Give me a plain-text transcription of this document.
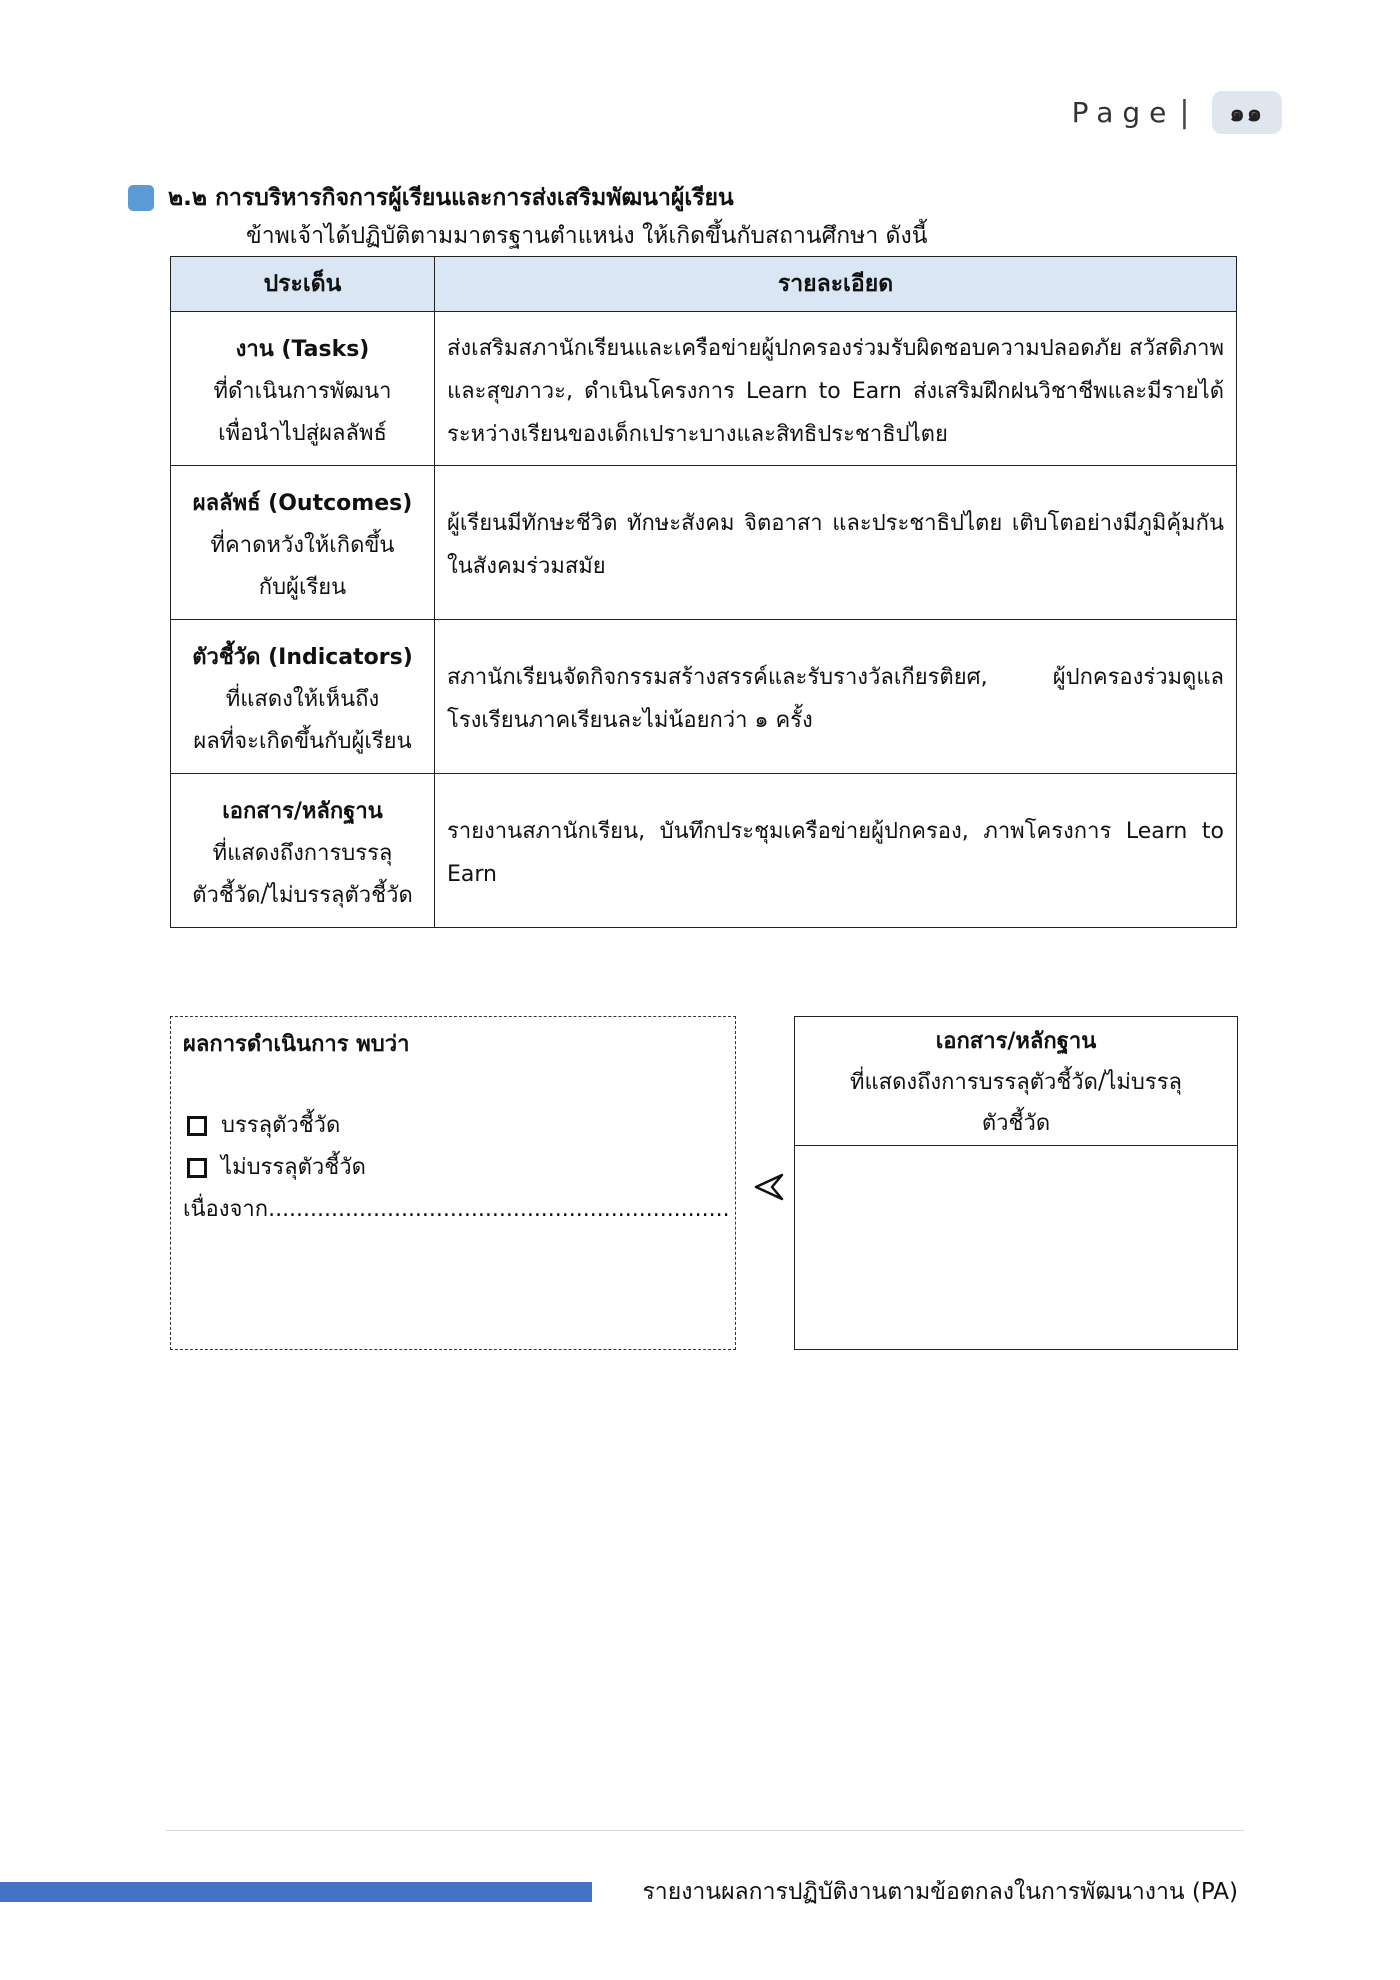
Page |	๑๑
๒.๒ การบริหารกิจการผู้เรียนและการส่งเสริมพัฒนาผู้เรียน
ข้าพเจ้าได้ปฏิบัติตามมาตรฐานตำแหน่ง ให้เกิดขึ้นกับสถานศึกษา ดังนี้
ประเด็น	รายละเอียด

งาน (Tasks)
ที่ดำเนินการพัฒนา
เพื่อนำไปสู่ผลลัพธ์	ส่งเสริมสภานักเรียนและเครือข่ายผู้ปกครองร่วมรับผิดชอบความปลอดภัย สวัสดิภาพ และสุขภาวะ, ดำเนินโครงการ Learn to Earn ส่งเสริมฝึกฝนวิชาชีพและมีรายได้ระหว่างเรียนของเด็กเปราะบางและสิทธิประชาธิปไตย

ผลลัพธ์ (Outcomes)
ที่คาดหวังให้เกิดขึ้น
กับผู้เรียน	ผู้เรียนมีทักษะชีวิต ทักษะสังคม จิตอาสา และประชาธิปไตย เติบโตอย่างมีภูมิคุ้มกันในสังคมร่วมสมัย

ตัวชี้วัด (Indicators)
ที่แสดงให้เห็นถึง
ผลที่จะเกิดขึ้นกับผู้เรียน	สภานักเรียนจัดกิจกรรมสร้างสรรค์และรับรางวัลเกียรติยศ, ผู้ปกครองร่วมดูแลโรงเรียนภาคเรียนละไม่น้อยกว่า ๑ ครั้ง

เอกสาร/หลักฐาน
ที่แสดงถึงการบรรลุ
ตัวชี้วัด/ไม่บรรลุตัวชี้วัด	รายงานสภานักเรียน, บันทึกประชุมเครือข่ายผู้ปกครอง, ภาพโครงการ Learn to Earn
ผลการดำเนินการ พบว่า
บรรลุตัวชี้วัด
ไม่บรรลุตัวชี้วัด
เนื่องจาก..................................................................
เอกสาร/หลักฐาน
ที่แสดงถึงการบรรลุตัวชี้วัด/ไม่บรรลุ
ตัวชี้วัด
รายงานผลการปฏิบัติงานตามข้อตกลงในการพัฒนางาน (PA)
